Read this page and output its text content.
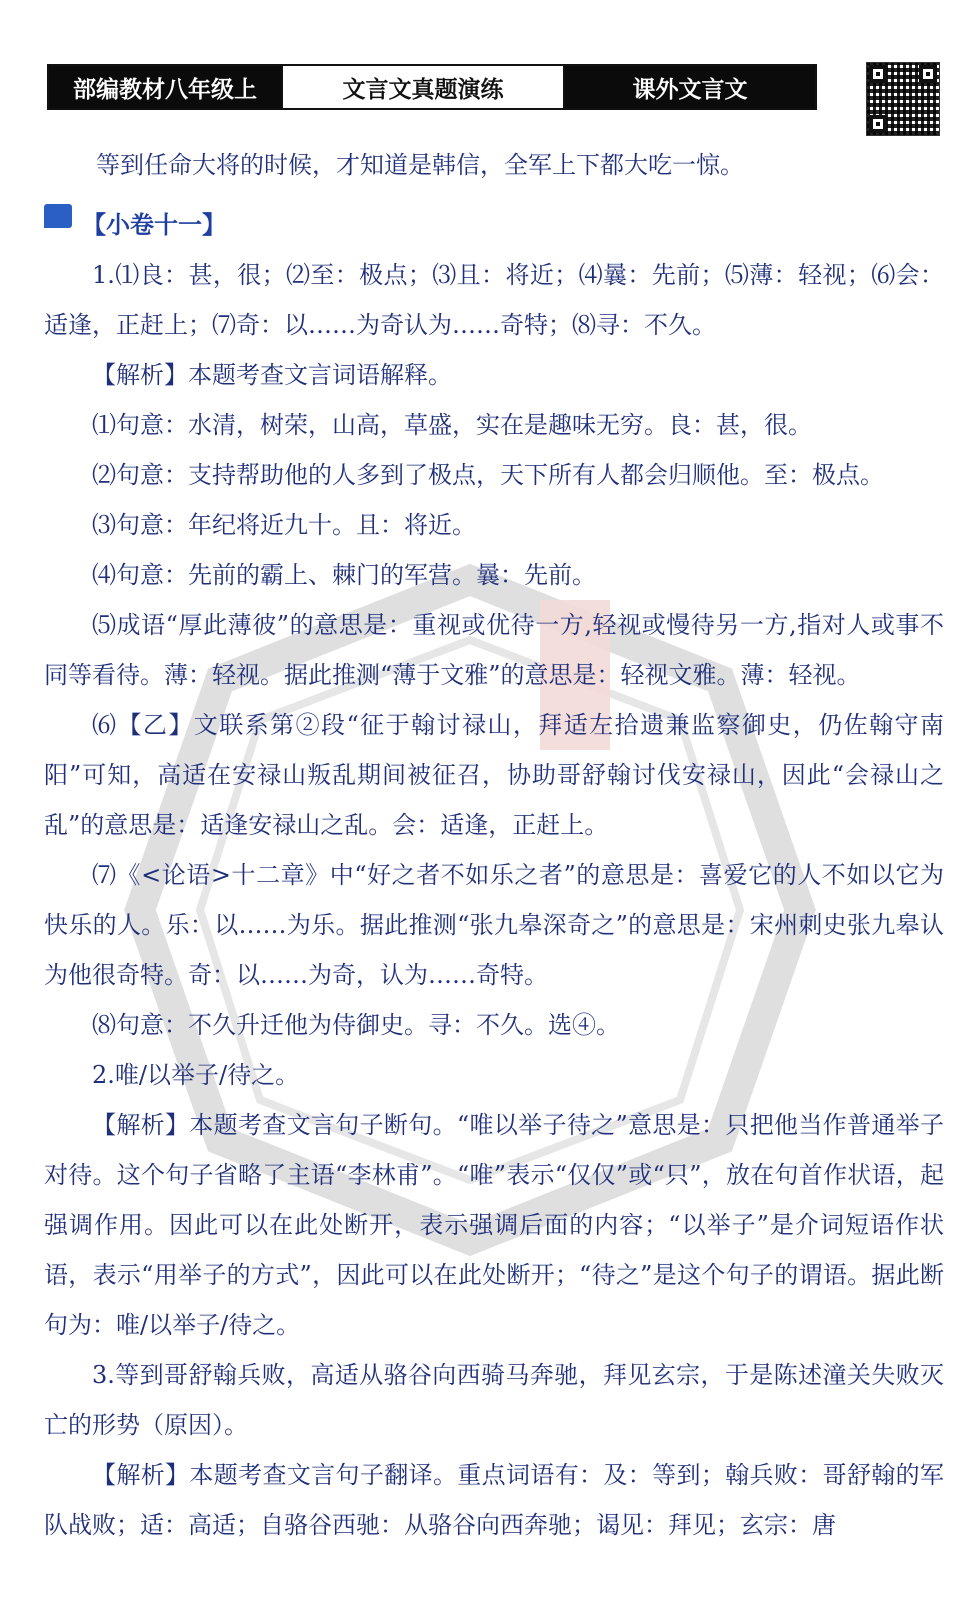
部编教材八年级上	文言文真题演练	课外文言文

等到任命大将的时候，才知道是韩信，全军上下都大吃一惊。

【小卷十一】

1.⑴良：甚，很；⑵至：极点；⑶且：将近；⑷曩：先前；⑸薄：轻视；⑹会：适逢，正赶上；⑺奇：以……为奇认为……奇特；⑻寻：不久。

【解析】本题考查文言词语解释。

⑴句意：水清，树荣，山高，草盛，实在是趣味无穷。良：甚，很。

⑵句意：支持帮助他的人多到了极点，天下所有人都会归顺他。至：极点。

⑶句意：年纪将近九十。且：将近。

⑷句意：先前的霸上、棘门的军营。曩：先前。

⑸成语“厚此薄彼”的意思是：重视或优待一方,轻视或慢待另一方,指对人或事不同等看待。薄：轻视。据此推测“薄于文雅”的意思是：轻视文雅。薄：轻视。

⑹【乙】文联系第②段“征于翰讨禄山，拜适左拾遗兼监察御史，仍佐翰守南阳”可知，高适在安禄山叛乱期间被征召，协助哥舒翰讨伐安禄山，因此“会禄山之乱”的意思是：适逢安禄山之乱。会：适逢，正赶上。

⑺《<论语>十二章》中“好之者不如乐之者”的意思是：喜爱它的人不如以它为快乐的人。乐：以……为乐。据此推测“张九皋深奇之”的意思是：宋州刺史张九皋认为他很奇特。奇：以……为奇，认为……奇特。

⑻句意：不久升迁他为侍御史。寻：不久。选④。

2.唯/以举子/待之。

【解析】本题考查文言句子断句。“唯以举子待之”意思是：只把他当作普通举子对待。这个句子省略了主语“李林甫”。“唯”表示“仅仅”或“只”，放在句首作状语，起强调作用。因此可以在此处断开，表示强调后面的内容；“以举子”是介词短语作状语，表示“用举子的方式”，因此可以在此处断开；“待之”是这个句子的谓语。据此断句为：唯/以举子/待之。

3.等到哥舒翰兵败，高适从骆谷向西骑马奔驰，拜见玄宗，于是陈述潼关失败灭亡的形势（原因）。

【解析】本题考查文言句子翻译。重点词语有：及：等到；翰兵败：哥舒翰的军队战败；适：高适；自骆谷西驰：从骆谷向西奔驰；谒见：拜见；玄宗：唐
